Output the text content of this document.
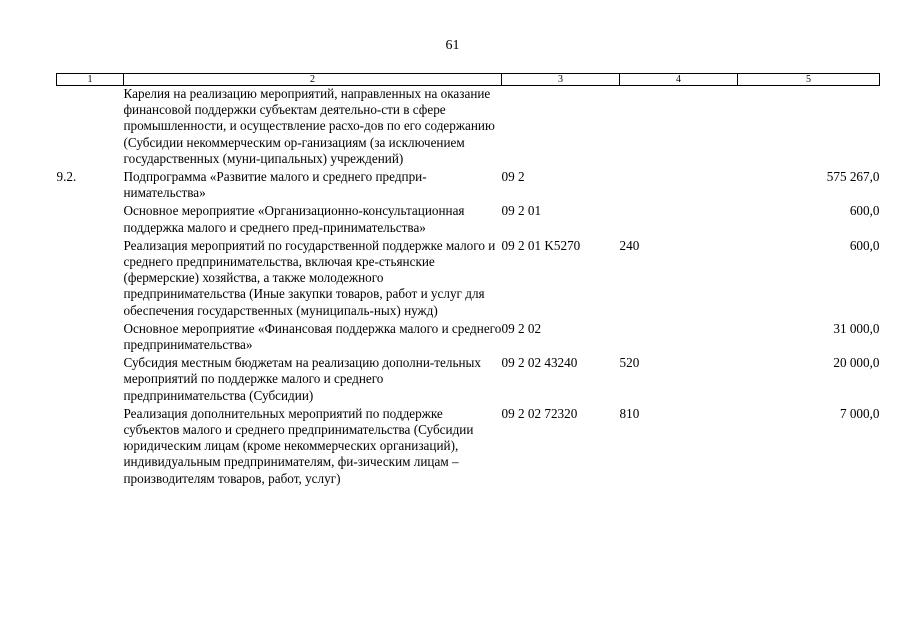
61
1	2	3	4	5
	Карелия на реализацию мероприятий, направленных на оказание финансовой поддержки субъектам деятельно-сти в сфере промышленности, и осуществление расхо-дов по его содержанию (Субсидии некоммерческим ор-ганизациям (за исключением государственных (муни-ципальных) учреждений)			
9.2.	Подпрограмма «Развитие малого и среднего предпри-нимательства»	09 2		575 267,0
	Основное мероприятие «Организационно-консультационная поддержка малого и среднего пред-принимательства»	09 2 01		600,0
	Реализация мероприятий по государственной поддержке малого и среднего предпринимательства, включая кре-стьянские (фермерские) хозяйства, а также молодежного предпринимательства (Иные закупки товаров, работ и услуг для обеспечения государственных (муниципаль-ных) нужд)	09 2 01 K5270	240	600,0
	Основное мероприятие «Финансовая поддержка малого и среднего предпринимательства»	09 2 02		31 000,0
	Субсидия местным бюджетам на реализацию дополни-тельных мероприятий по поддержке малого и среднего предпринимательства (Субсидии)	09 2 02 43240	520	20 000,0
	Реализация дополнительных мероприятий по поддержке субъектов малого и среднего предпринимательства (Субсидии юридическим лицам (кроме некоммерческих организаций), индивидуальным предпринимателям, фи-зическим лицам – производителям товаров, работ, услуг)	09 2 02 72320	810	7 000,0
